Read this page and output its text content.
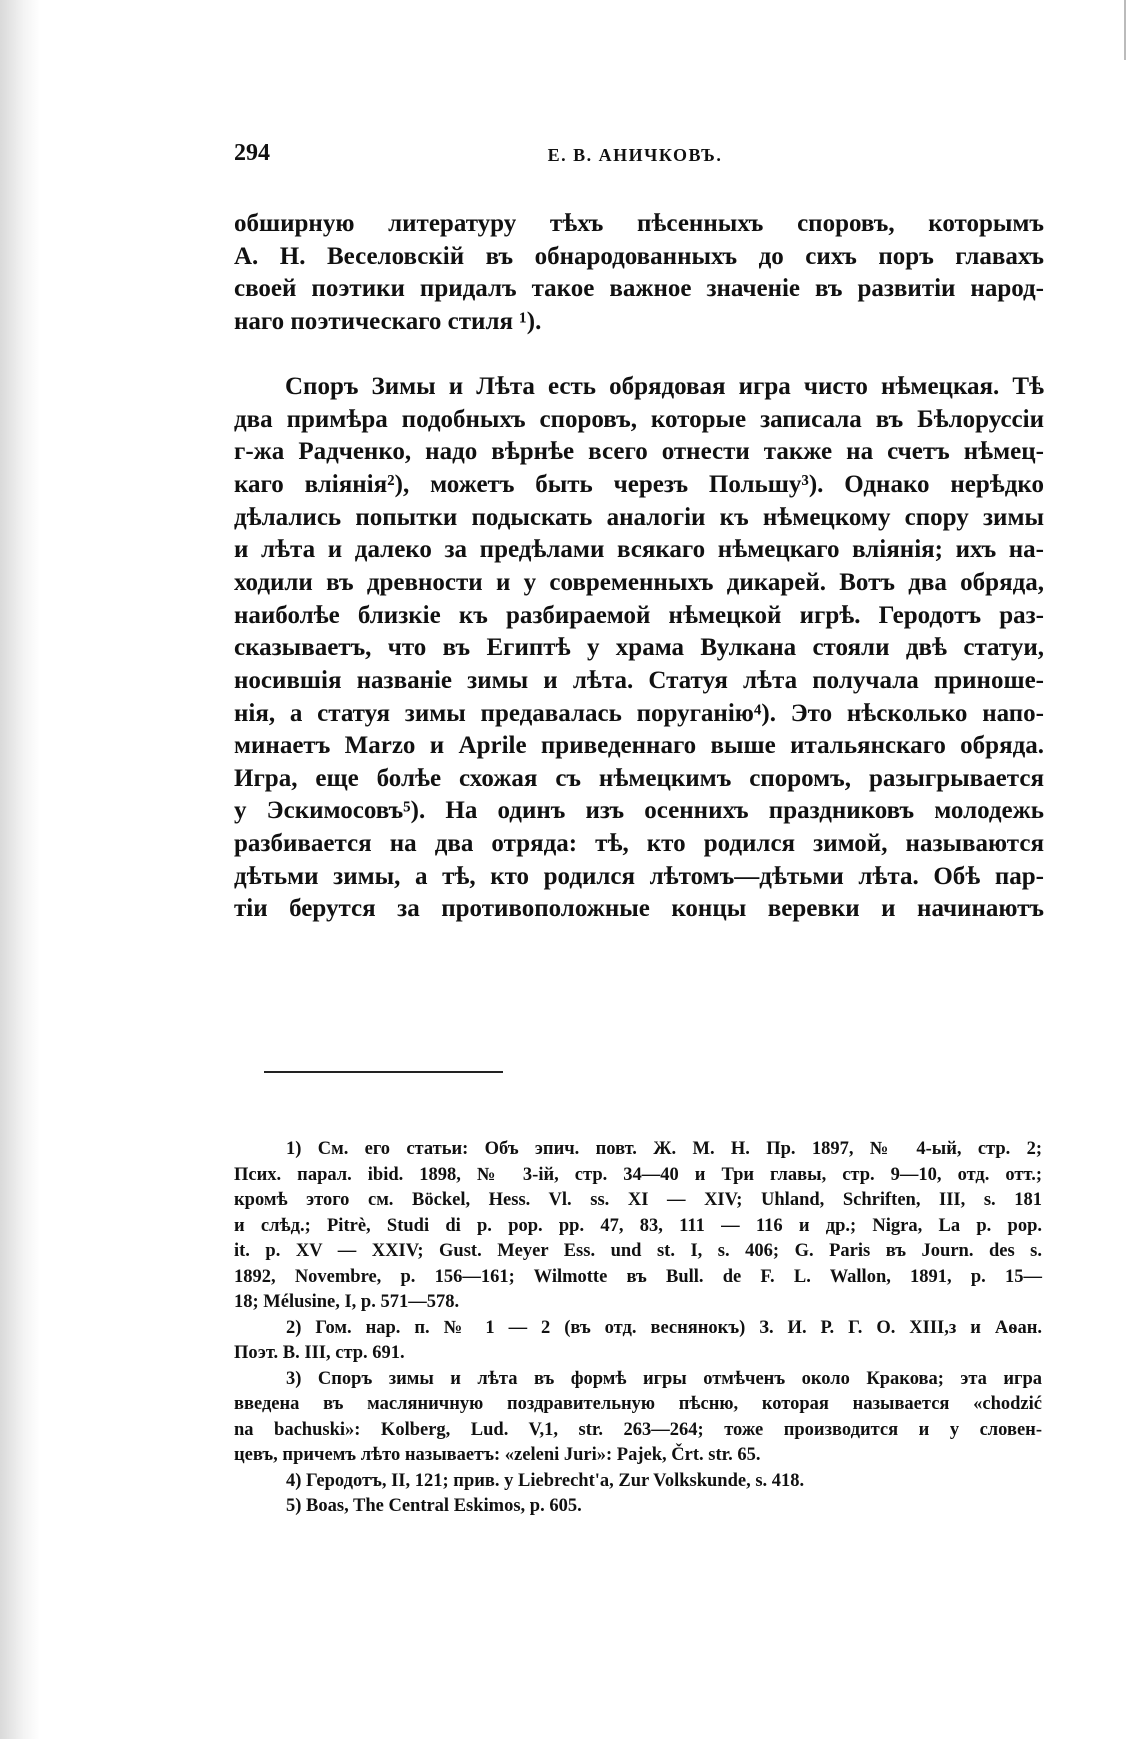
294	Е. В. АНИЧКОВЪ.
обширную литературу тѣхъ пѣсенныхъ споровъ, которымъ
А. Н. Веселовскій въ обнародованныхъ до сихъ поръ главахъ
своей поэтики придалъ такое важное значеніе въ развитіи народ-
наго поэтическаго стиля ¹).
Споръ Зимы и Лѣта есть обрядовая игра чисто нѣмецкая. Тѣ
два примѣра подобныхъ споровъ, которые записала въ Бѣлоруссіи
г-жа Радченко, надо вѣрнѣе всего отнести также на счетъ нѣмец-
каго вліянія²), можетъ быть черезъ Польшу³). Однако нерѣдко
дѣлались попытки подыскать аналогіи къ нѣмецкому спору зимы
и лѣта и далеко за предѣлами всякаго нѣмецкаго вліянія; ихъ на-
ходили въ древности и у современныхъ дикарей. Вотъ два обряда,
наиболѣе близкіе къ разбираемой нѣмецкой игрѣ. Геродотъ раз-
сказываетъ, что въ Египтѣ у храма Вулкана стояли двѣ статуи,
носившія названіе зимы и лѣта. Статуя лѣта получала приноше-
нія, а статуя зимы предавалась поруганію⁴). Это нѣсколько напо-
минаетъ Marzo и Aprile приведеннаго выше итальянскаго обряда.
Игра, еще болѣе схожая съ нѣмецкимъ споромъ, разыгрывается
у Эскимосовъ⁵). На одинъ изъ осеннихъ праздниковъ молодежь
разбивается на два отряда: тѣ, кто родился зимой, называются
дѣтьми зимы, а тѣ, кто родился лѣтомъ—дѣтьми лѣта. Обѣ пар-
тіи берутся за противоположные концы веревки и начинаютъ
1) См. его статьи: Объ эпич. повт. Ж. М. Н. Пр. 1897, № 4-ый, стр. 2;
Псих. парал. ibid. 1898, № 3-ій, стр. 34—40 и Три главы, стр. 9—10, отд. отт.;
кромѣ этого см. Böckel, Hess. Vl. ss. XI — XIV; Uhland, Schriften, III, s. 181
и слѣд.; Pitrè, Studi di p. pop. pp. 47, 83, 111 — 116 и др.; Nigra, La p. pop.
it. p. XV — XXIV; Gust. Meyer Ess. und st. I, s. 406; G. Paris въ Journ. des s.
1892, Novembre, p. 156—161; Wilmotte въ Bull. de F. L. Wallon, 1891, p. 15—
18; Mélusine, I, p. 571—578.
2) Гом. нар. п. № 1 — 2 (въ отд. веснянокъ) З. И. Р. Г. О. XIII,з и Аѳан.
Поэт. В. III, стр. 691.
3) Споръ зимы и лѣта въ формѣ игры отмѣченъ около Кракова; эта игра
введена въ масляничную поздравительную пѣсню, которая называется «chodzić
na bachuski»: Kolberg, Lud. V,1, str. 263—264; тоже производится и у словен-
цевъ, причемъ лѣто называетъ: «zeleni Juri»: Pajek, Črt. str. 65.
4) Геродотъ, II, 121; прив. у Liebrecht'a, Zur Volkskunde, s. 418.
5) Boas, The Central Eskimos, p. 605.
